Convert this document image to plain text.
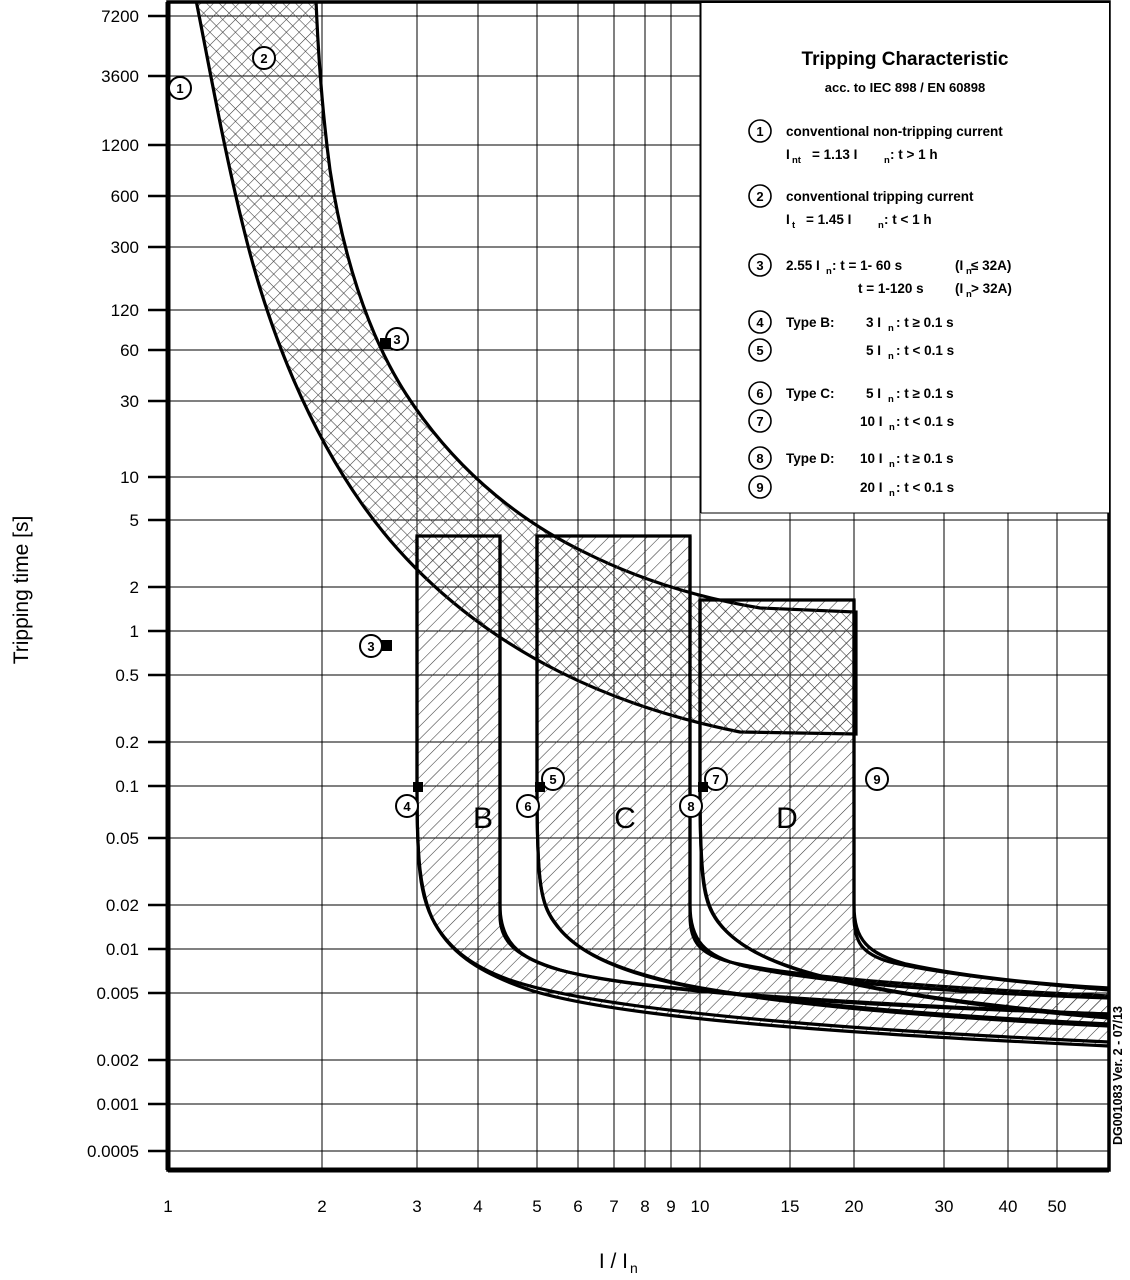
7200
3600
1200
600
300
120
60
30
10
5
2
1
0.5
0.2
0.1
0.05
0.02
0.01
0.005
0.002
0.001
0.0005
1	2	3	4	5 6 7 8 9 10	15	20	30	40 50
Tripping time [s]
I / I n
B	C	D
1
2
3
3
4
5
6
7
8
9
Tripping Characteristic
acc. to IEC 898 / EN 60898
1 conventional non-tripping current
I nt = 1.13 I	n : t > 1 h
2 conventional tripping current
I t = 1.45 I	n : t < 1 h
3 2.55 I n : t = 1- 60 s	(I n ≤ 32A)
t = 1-120 s (I n > 32A)
4 Type B: 3 I n : t ≥ 0.1 s
5	5 I n : t < 0.1 s
6 Type C: 5 I n : t ≥ 0.1 s
7	10 I n : t < 0.1 s
8 Type D: 10 I n : t ≥ 0.1 s
9	20 I n : t < 0.1 s
DG001083 Ver. 2 - 07/13
